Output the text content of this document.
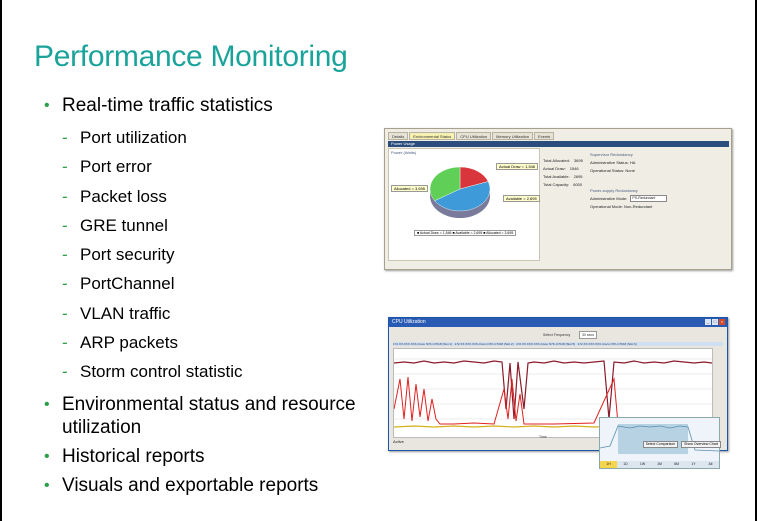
Performance Monitoring
• Real-time traffic statistics
- Port utilization
- Port error
- Packet loss
- GRE tunnel
- Port security
- PortChannel
- VLAN traffic
- ARP packets
- Storm control statistic
• Environmental status and resource utilization
• Historical reports
• Visuals and exportable reports
Details	Environmental Status	CPU Utilization	Memory Utilization	Events
Power Usage
Power (Watts)
Actual Draw = 1,546
Allocated = 3,695
Available = 2,695
■ Actual Draw = 1,546 ■ Available = 2,695 ■ Allocated = 3,695
Total Allocated: 3695
Actual Draw: 1546
Total Available: 2695
Total Capacity: 6000
Supervisor Redundancy
Administrative Status: HA
Operational Status: None
Power-supply Redundancy
Administrative Mode: PS-Redundant
Operational Mode: Non-Redundant
CPU Utilization	_	□	×
Select Frequency	30 secs
172.XX.XXX.XXX-Cisco N7K-C7018 (Slot 1) 172.XX.XXX.XXX-Cisco N7K-C7018 (Slot 2) 172.XX.XXX.XXX-Cisco N7K-C7018 (Slot 5) 172.XX.XXX.XXX-Cisco N7K-C7018 (Slot 6)
1H	1D	1W	1M	6M	1Y	All
Time
Active	Select Comparison	Show Overview Chart
